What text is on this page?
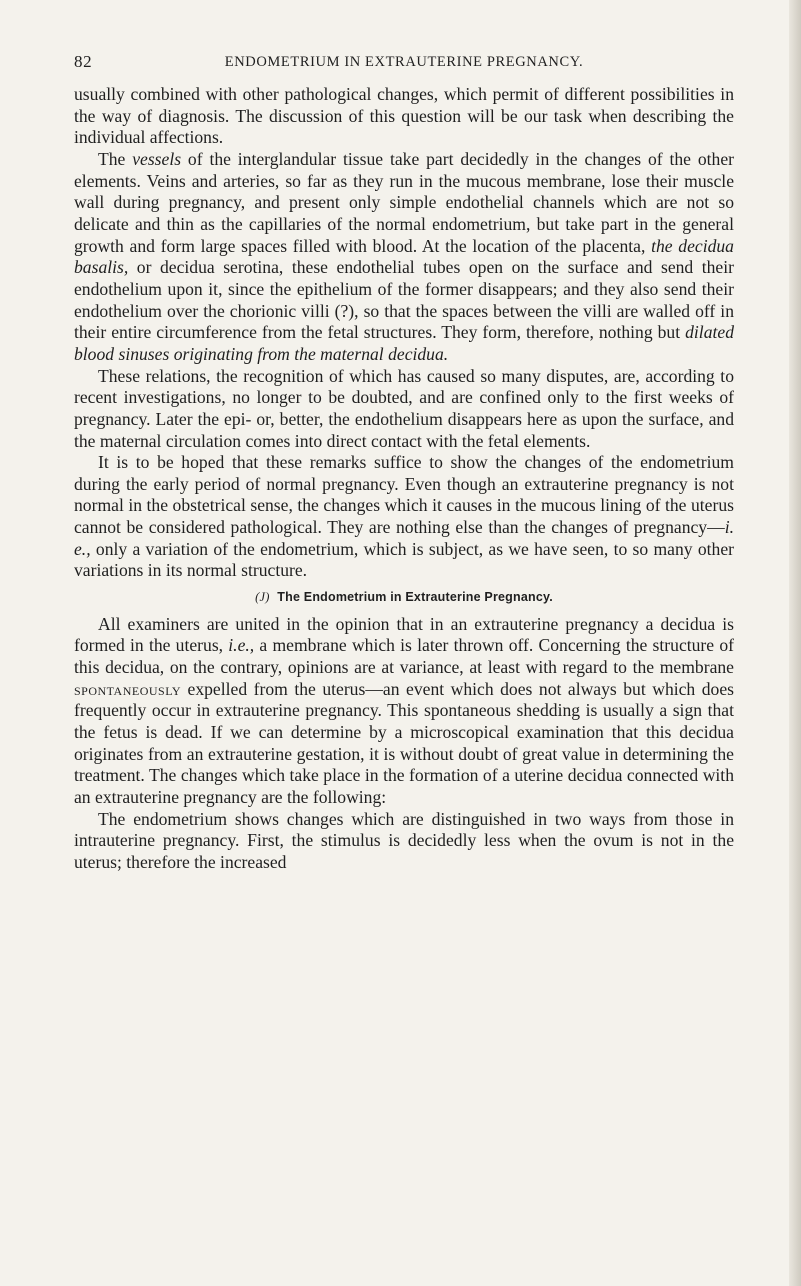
82	ENDOMETRIUM IN EXTRAUTERINE PREGNANCY.

usually combined with other pathological changes, which permit of different possibilities in the way of diagnosis. The discussion of this question will be our task when describing the individual affections.

The vessels of the interglandular tissue take part decidedly in the changes of the other elements. Veins and arteries, so far as they run in the mucous membrane, lose their muscle wall during pregnancy, and present only simple endothelial channels which are not so delicate and thin as the capillaries of the normal endometrium, but take part in the general growth and form large spaces filled with blood. At the location of the placenta, the decidua basalis, or decidua serotina, these endothelial tubes open on the surface and send their endothelium upon it, since the epithelium of the former disappears; and they also send their endothelium over the chorionic villi (?), so that the spaces between the villi are walled off in their entire circumference from the fetal structures. They form, therefore, nothing but dilated blood sinuses originating from the maternal decidua.

These relations, the recognition of which has caused so many disputes, are, according to recent investigations, no longer to be doubted, and are confined only to the first weeks of pregnancy. Later the epi- or, better, the endothelium disappears here as upon the surface, and the maternal circulation comes into direct contact with the fetal elements.

It is to be hoped that these remarks suffice to show the changes of the endometrium during the early period of normal pregnancy. Even though an extrauterine pregnancy is not normal in the obstetrical sense, the changes which it causes in the mucous lining of the uterus cannot be considered pathological. They are nothing else than the changes of pregnancy—i. e., only a variation of the endometrium, which is subject, as we have seen, to so many other variations in its normal structure.

(J) The Endometrium in Extrauterine Pregnancy.

All examiners are united in the opinion that in an extrauterine pregnancy a decidua is formed in the uterus, i.e., a membrane which is later thrown off. Concerning the structure of this decidua, on the contrary, opinions are at variance, at least with regard to the membrane spontaneously expelled from the uterus—an event which does not always but which does frequently occur in extrauterine pregnancy. This spontaneous shedding is usually a sign that the fetus is dead. If we can determine by a microscopical examination that this decidua originates from an extrauterine gestation, it is without doubt of great value in determining the treatment. The changes which take place in the formation of a uterine decidua connected with an extrauterine pregnancy are the following:

The endometrium shows changes which are distinguished in two ways from those in intrauterine pregnancy. First, the stimulus is decidedly less when the ovum is not in the uterus; therefore the increased
